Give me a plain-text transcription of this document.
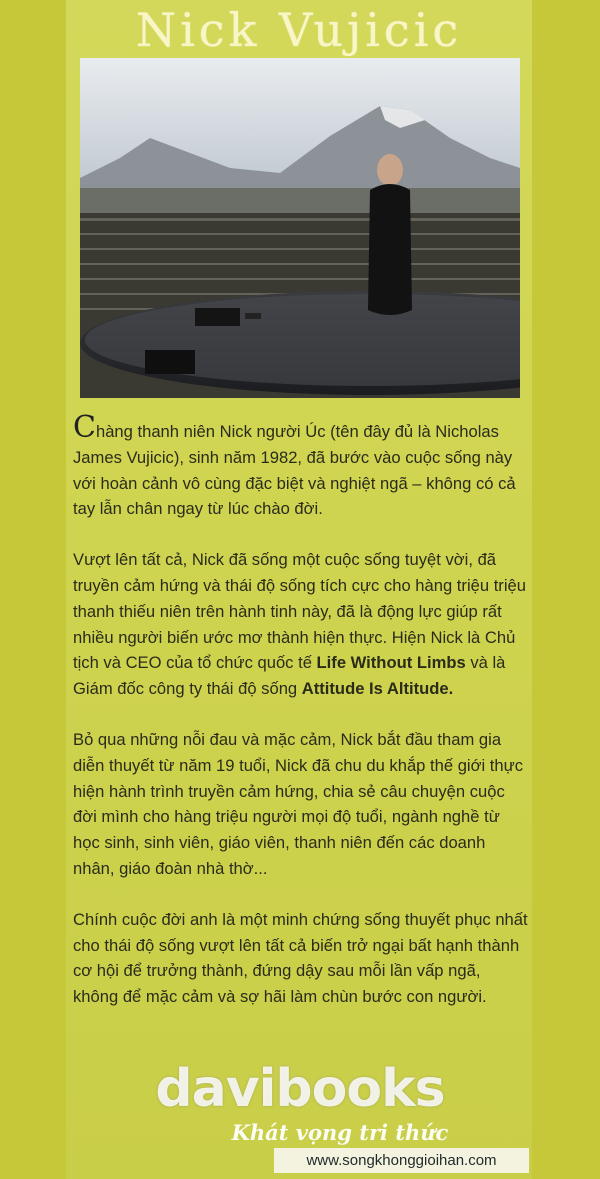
Nick Vujicic

Chàng thanh niên Nick người Úc (tên đây đủ là Nicholas James Vujicic), sinh năm 1982, đã bước vào cuộc sống này với hoàn cảnh vô cùng đặc biệt và nghiệt ngã – không có cả tay lẫn chân ngay từ lúc chào đời.

Vượt lên tất cả, Nick đã sống một cuộc sống tuyệt vời, đã truyền cảm hứng và thái độ sống tích cực cho hàng triệu triệu thanh thiếu niên trên hành tinh này, đã là động lực giúp rất nhiều người biến ước mơ thành hiện thực. Hiện Nick là Chủ tịch và CEO của tổ chức quốc tế Life Without Limbs và là Giám đốc công ty thái độ sống Attitude Is Altitude.

Bỏ qua những nỗi đau và mặc cảm, Nick bắt đầu tham gia diễn thuyết từ năm 19 tuổi, Nick đã chu du khắp thế giới thực hiện hành trình truyền cảm hứng, chia sẻ câu chuyện cuộc đời mình cho hàng triệu người mọi độ tuổi, ngành nghề từ học sinh, sinh viên, giáo viên, thanh niên đến các doanh nhân, giáo đoàn nhà thờ...

Chính cuộc đời anh là một minh chứng sống thuyết phục nhất cho thái độ sống vượt lên tất cả biến trở ngại bất hạnh thành cơ hội để trưởng thành, đứng dậy sau mỗi lần vấp ngã, không để mặc cảm và sợ hãi làm chùn bước con người.

davibooks
Khát vọng tri thức
www.songkhonggioihan.com
